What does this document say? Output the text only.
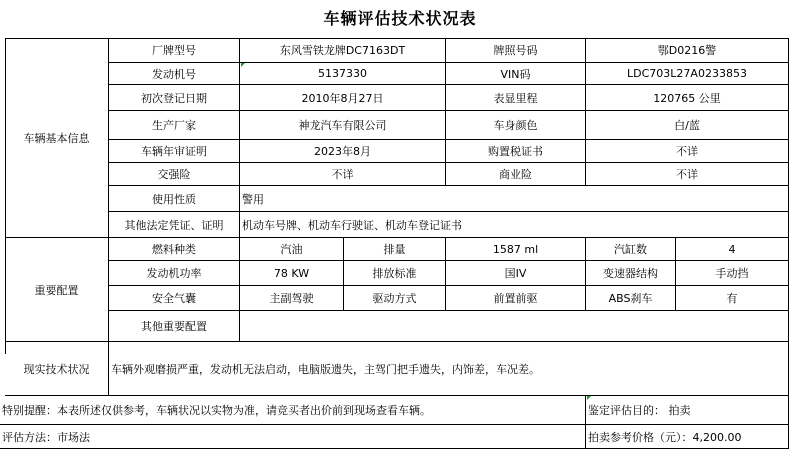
车辆评估技术状况表
车辆基本信息
厂牌型号	东风雪铁龙牌DC7163DT	牌照号码	鄂D0216警
发动机号	5137330	VIN码	LDC703L27A0233853
初次登记日期	2010年8月27日	表显里程	120765 公里
生产厂家	神龙汽车有限公司	车身颜色	白/蓝
车辆年审证明	2023年8月	购置税证书	不详
交强险	不详	商业险	不详
使用性质	警用
其他法定凭证、证明	机动车号牌、机动车行驶证、机动车登记证书
重要配置
燃料种类	汽油	排量	1587 ml	汽缸数	4
发动机功率	78 KW	排放标准	国IV	变速器结构	手动挡
安全气囊	主副驾驶	驱动方式	前置前驱	ABS刹车	有
其他重要配置
现实技术状况	车辆外观磨损严重，发动机无法启动，电脑版遗失，主驾门把手遗失，内饰差，车况差。
特别提醒：本表所述仅供参考，车辆状况以实物为准，请竞买者出价前到现场查看车辆。	鉴定评估目的： 拍卖
评估方法：市场法	拍卖参考价格（元）：4,200.00
